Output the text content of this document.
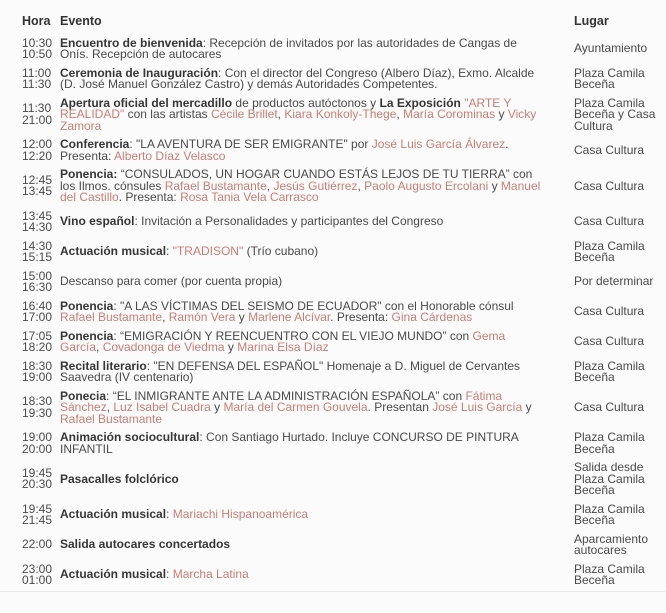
Hora	Evento	Lugar

10:30
10:50	Encuentro de bienvenida: Recepción de invitados por las autoridades de Cangas de Onís. Recepción de autocares	Ayuntamiento

11:00
11:30	Ceremonia de Inauguración: Con el director del Congreso (Albero Díaz), Exmo. Alcalde (D. José Manuel González Castro) y demás Autoridades Competentes.	Plaza Camila Beceña

11:30
21:00	Apertura oficial del mercadillo de productos autóctonos y La Exposición "ARTE Y REALIDAD" con las artistas Cécile Brillet, Kiara Konkoly-Thege, María Corominas y Vicky Zamora	Plaza Camila Beceña y Casa Cultura

12:00
12:20	Conferencia: "LA AVENTURA DE SER EMIGRANTE" por José Luis García Álvarez. Presenta: Alberto Díaz Velasco	Casa Cultura

12:45
13:45	Ponencia: “CONSULADOS, UN HOGAR CUANDO ESTÁS LEJOS DE TU TIERRA” con los Ilmos. cónsules Rafael Bustamante, Jesús Gutiérrez, Paolo Augusto Ercolani y Manuel del Castillo. Presenta: Rosa Tania Vela Carrasco	Casa Cultura

13:45
14:30	Vino español: Invitación a Personalidades y participantes del Congreso	Casa Cultura

14:30
15:15	Actuación musical: "TRADISON" (Trío cubano)	Plaza Camila Beceña

15:00
16:30	Descanso para comer (por cuenta propia)	Por determinar

16:40
17:00	Ponencia: "A LAS VÍCTIMAS DEL SEISMO DE ECUADOR" con el Honorable cónsul Rafael Bustamante, Ramón Vera y Marlene Alcívar. Presenta: Gina Cárdenas	Casa Cultura

17:05
18:20	Ponencia: “EMIGRACIÓN Y REENCUENTRO CON EL VIEJO MUNDO” con Gema García, Covadonga de Viedma y Marina Elsa Díaz	Casa Cultura

18:30
19:00	Recital literario: "EN DEFENSA DEL ESPAÑOL" Homenaje a D. Miguel de Cervantes Saavedra (IV centenario)	Plaza Camila Beceña

18:30
19:30	Ponecia: “EL INMIGRANTE ANTE LA ADMINISTRACIÓN ESPAÑOLA” con Fátima Sánchez, Luz Isabel Cuadra y María del Carmen Gouvela. Presentan José Luis García y Rafael Bustamante	Casa Cultura

19:00
20:00	Animación sociocultural: Con Santiago Hurtado. Incluye CONCURSO DE PINTURA INFANTIL	Plaza Camila Beceña

19:45
20:30	Pasacalles folclórico	Salida desde Plaza Camila Beceña

19:45
21:45	Actuación musical: Mariachi Hispanoamérica	Plaza Camila Beceña

22:00	Salida autocares concertados	Aparcamiento autocares

23:00
01:00	Actuación musical: Marcha Latina	Plaza Camila Beceña
